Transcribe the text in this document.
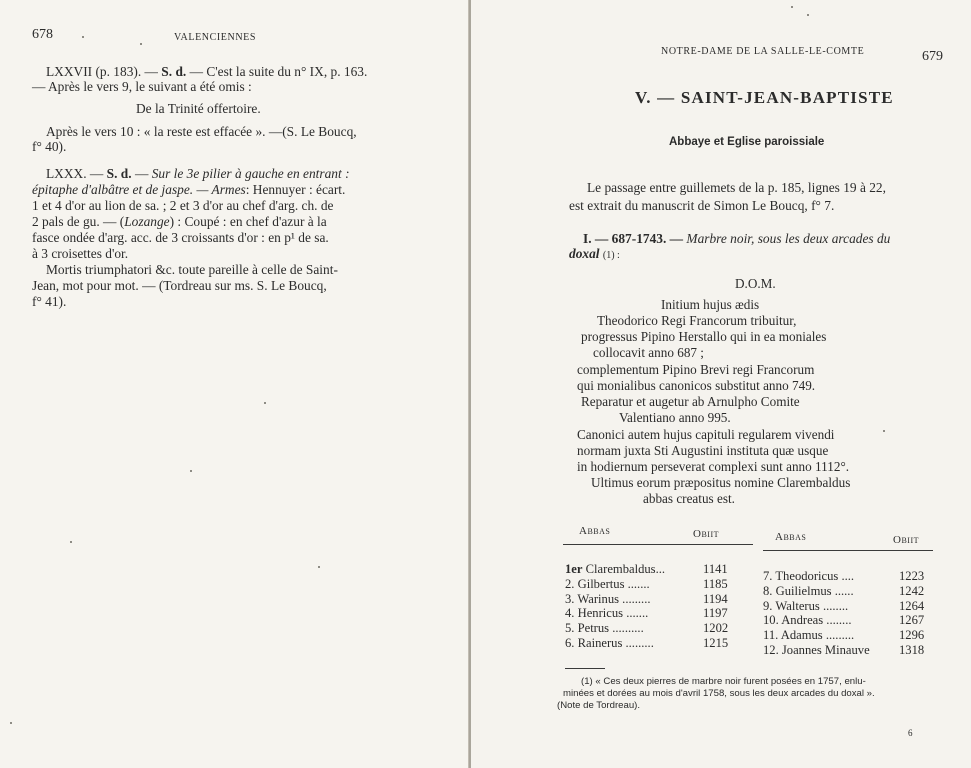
678	VALENCIENNES
LXXVII (p. 183). — S. d. — C'est la suite du n° IX, p. 163.
— Après le vers 9, le suivant a été omis :
De la Trinité offertoire.
Après le vers 10 : « la reste est effacée ». —(S. Le Boucq,
f° 40).
LXXX. — S. d. — Sur le 3e pilier à gauche en entrant :
épitaphe d'albâtre et de jaspe. — Armes: Hennuyer : écart.
1 et 4 d'or au lion de sa. ; 2 et 3 d'or au chef d'arg. ch. de
2 pals de gu. — (Lozange) : Coupé : en chef d'azur à la
fasce ondée d'arg. acc. de 3 croissants d'or : en p¹ de sa.
à 3 croisettes d'or.
Mortis triumphatori &c. toute pareille à celle de Saint-
Jean, mot pour mot. — (Tordreau sur ms. S. Le Boucq,
f° 41).
NOTRE-DAME DE LA SALLE-LE-COMTE	679
V. — SAINT-JEAN-BAPTISTE
Abbaye et Eglise paroissiale
Le passage entre guillemets de la p. 185, lignes 19 à 22,
est extrait du manuscrit de Simon Le Boucq, f° 7.
I. — 687-1743. — Marbre noir, sous les deux arcades du
doxal (1) :
D.O.M.
Initium hujus ædis
Theodorico Regi Francorum tribuitur,
progressus Pipino Herstallo qui in ea moniales
collocavit anno 687 ;
complementum Pipino Brevi regi Francorum
qui monialibus canonicos substitut anno 749.
Reparatur et augetur ab Arnulpho Comite
Valentiano anno 995.
Canonici autem hujus capituli regularem vivendi
normam juxta Sti Augustini instituta quæ usque
in hodiernum perseverat complexi sunt anno 1112°.
Ultimus eorum præpositus nomine Clarembaldus
abbas creatus est.
Abbas	Obiit	Abbas	Obiit
1er Clarembaldus...	1141
2. Gilbertus .......	1185
3. Warinus .........	1194
4. Henricus .......	1197
5. Petrus ..........	1202
6. Rainerus .........	1215
7. Theodoricus ....	1223
8. Guilielmus ......	1242
9. Walterus ........	1264
10. Andreas ........	1267
11. Adamus .........	1296
12. Joannes Minauve 1318
(1) « Ces deux pierres de marbre noir furent posées en 1757, enlu-
minées et dorées au mois d'avril 1758, sous les deux arcades du doxal ».
(Note de Tordreau).
6
